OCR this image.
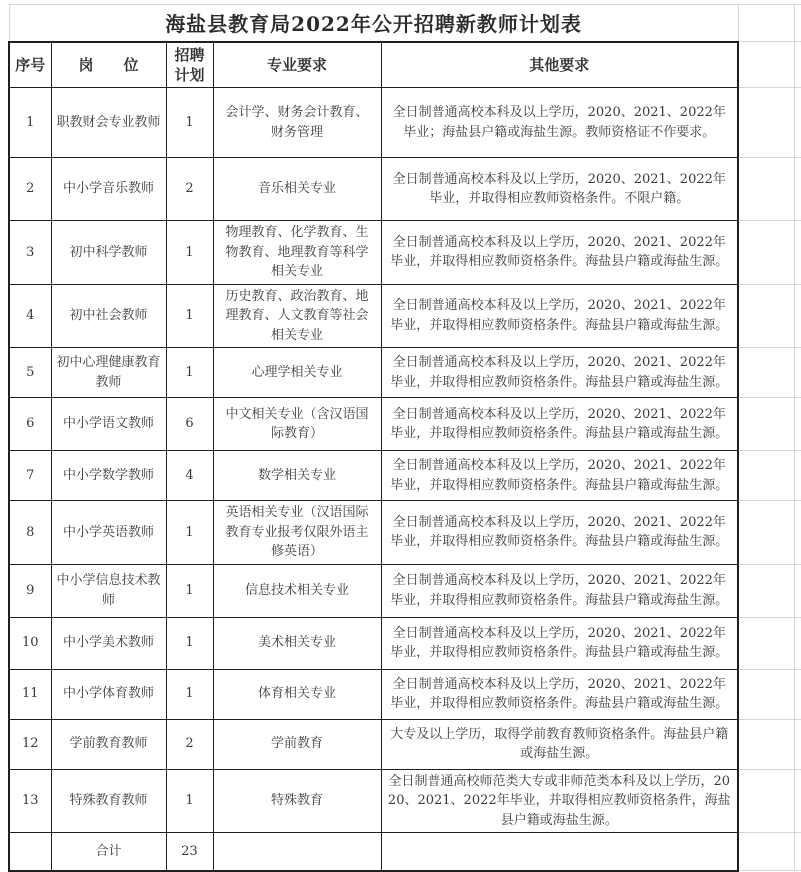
海盐县教育局2022年公开招聘新教师计划表						
序号	岗　　位	招聘计划	专业要求	其他要求		
1	职教财会专业教师	1	会计学、财务会计教育、财务管理	全日制普通高校本科及以上学历，2020、2021、2022年毕业；海盐县户籍或海盐生源。教师资格证不作要求。		
2	中小学音乐教师	2	音乐相关专业	全日制普通高校本科及以上学历，2020、2021、2022年毕业，并取得相应教师资格条件。不限户籍。		
3	初中科学教师	1	物理教育、化学教育、生物教育、地理教育等科学相关专业	全日制普通高校本科及以上学历，2020、2021、2022年毕业，并取得相应教师资格条件。海盐县户籍或海盐生源。		
4	初中社会教师	1	历史教育、政治教育、地理教育、人文教育等社会相关专业	全日制普通高校本科及以上学历，2020、2021、2022年毕业，并取得相应教师资格条件。海盐县户籍或海盐生源。		
5	初中心理健康教育教师	1	心理学相关专业	全日制普通高校本科及以上学历，2020、2021、2022年毕业，并取得相应教师资格条件。海盐县户籍或海盐生源。		
6	中小学语文教师	6	中文相关专业（含汉语国际教育）	全日制普通高校本科及以上学历，2020、2021、2022年毕业，并取得相应教师资格条件。海盐县户籍或海盐生源。		
7	中小学数学教师	4	数学相关专业	全日制普通高校本科及以上学历，2020、2021、2022年毕业，并取得相应教师资格条件。海盐县户籍或海盐生源。		
8	中小学英语教师	1	英语相关专业（汉语国际教育专业报考仅限外语主修英语）	全日制普通高校本科及以上学历，2020、2021、2022年毕业，并取得相应教师资格条件。海盐县户籍或海盐生源。		
9	中小学信息技术教师	1	信息技术相关专业	全日制普通高校本科及以上学历，2020、2021、2022年毕业，并取得相应教师资格条件。海盐县户籍或海盐生源。		
10	中小学美术教师	1	美术相关专业	全日制普通高校本科及以上学历，2020、2021、2022年毕业，并取得相应教师资格条件。海盐县户籍或海盐生源。		
11	中小学体育教师	1	体育相关专业	全日制普通高校本科及以上学历，2020、2021、2022年毕业，并取得相应教师资格条件。海盐县户籍或海盐生源。		
12	学前教育教师	2	学前教育	大专及以上学历，取得学前教育教师资格条件。海盐县户籍或海盐生源。		
13	特殊教育教师	1	特殊教育	全日制普通高校师范类大专或非师范类本科及以上学历，2020、2021、2022年毕业，并取得相应教师资格条件，海盐县户籍或海盐生源。		
	合计	23				
